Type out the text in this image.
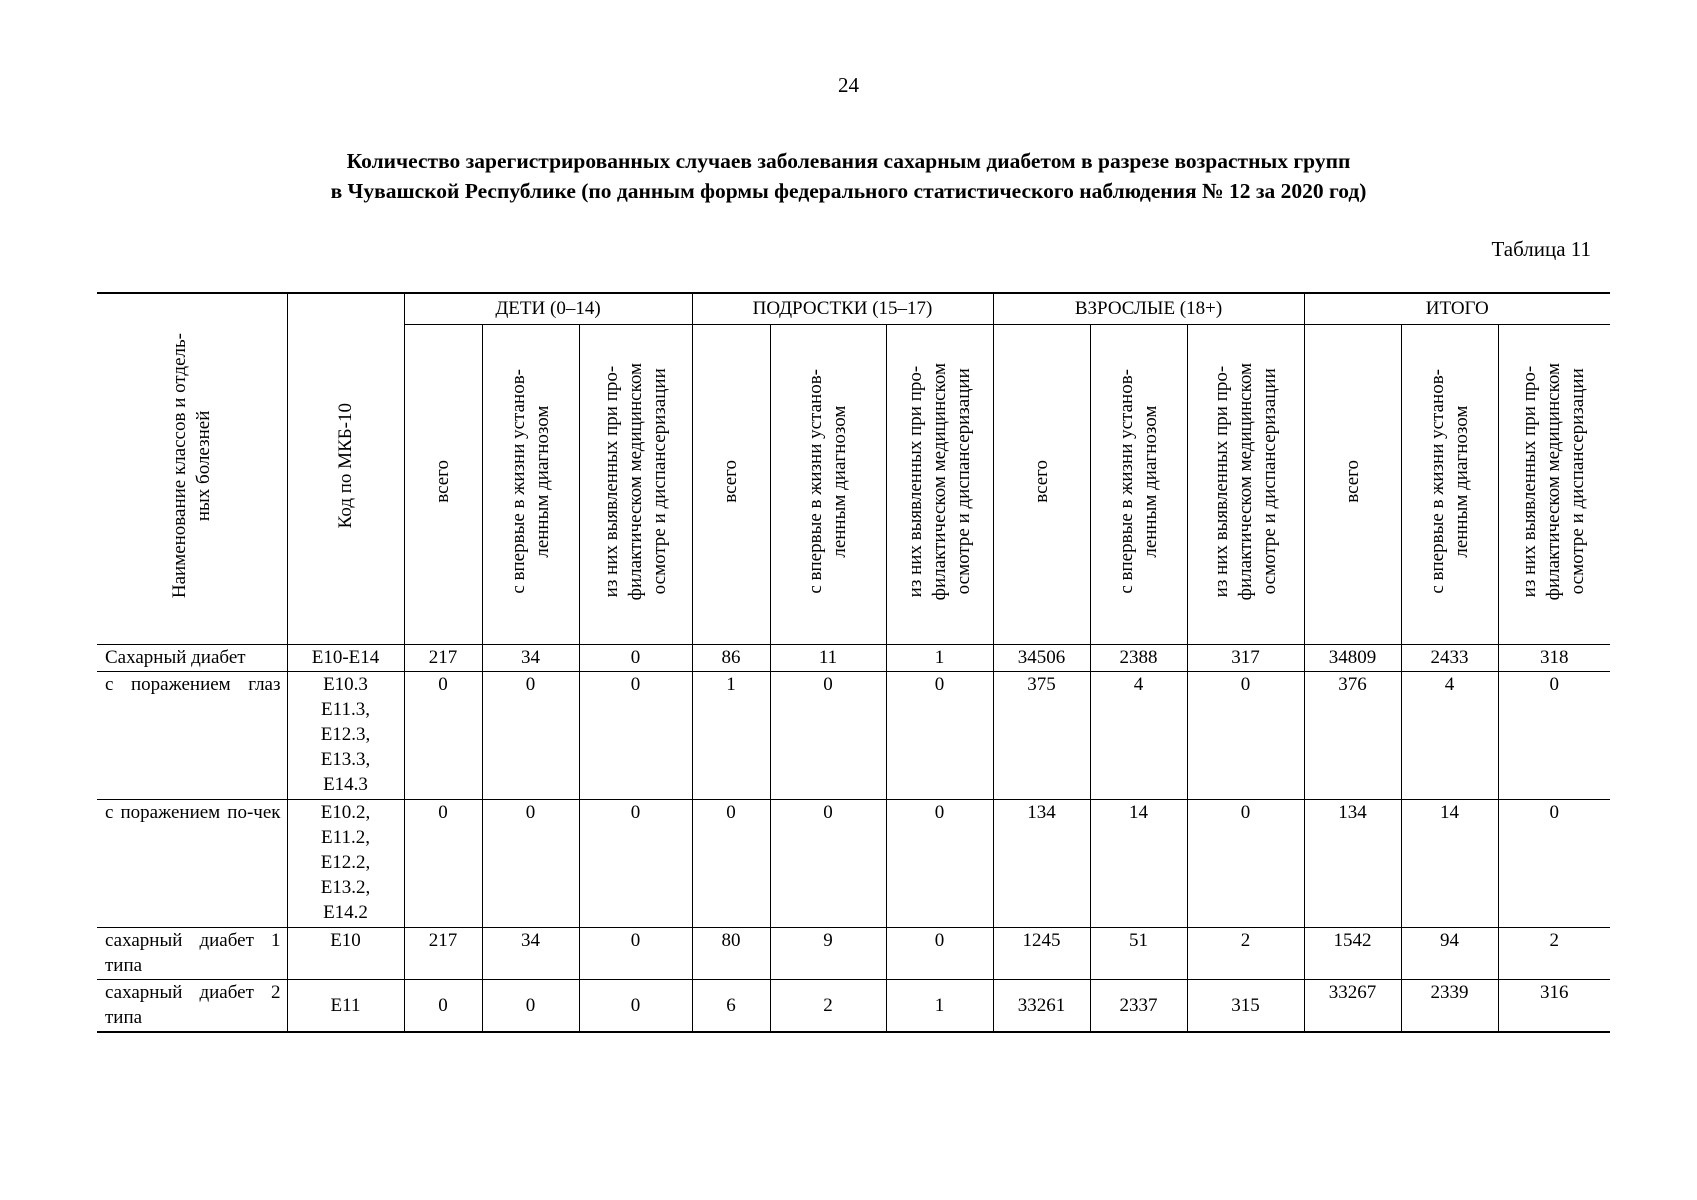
24
Количество зарегистрированных случаев заболевания сахарным диабетом в разрезе возрастных групп
в Чувашской Республике (по данным формы федерального статистического наблюдения № 12 за 2020 год)
Таблица 11
Наименование классов и отдель- ных болезней	Код по МКБ-10	ДЕТИ (0–14)			ПОДРОСТКИ (15–17)			ВЗРОСЛЫЕ (18+)			ИТОГО		

		всего	с впервые в жизни установ- ленным диагнозом	из них выявленных при про- филактическом медицинском осмотре и диспансеризации	всего	с впервые в жизни установ- ленным диагнозом	из них выявленных при про- филактическом медицинском осмотре и диспансеризации	всего	с впервые в жизни установ- ленным диагнозом	из них выявленных при про- филактическом медицинском осмотре и диспансеризации	всего	с впервые в жизни установ- ленным диагнозом	из них выявленных при про- филактическом медицинском осмотре и диспансеризации

Сахарный диабет	E10-E14	217	34	0	86	11	1	34506	2388	317	34809	2433	318
с поражением глаз	E10.3
E11.3,
E12.3,
E13.3,
E14.3	0	0	0	1	0	0	375	4	0	376	4	0
с поражением по-чек	E10.2,
E11.2,
E12.2,
E13.2,
E14.2	0	0	0	0	0	0	134	14	0	134	14	0
сахарный диабет 1 типа	E10	217	34	0	80	9	0	1245	51	2	1542	94	2
сахарный диабет 2 типа	E11	0	0	0	6	2	1	33261	2337	315	33267	2339	316
